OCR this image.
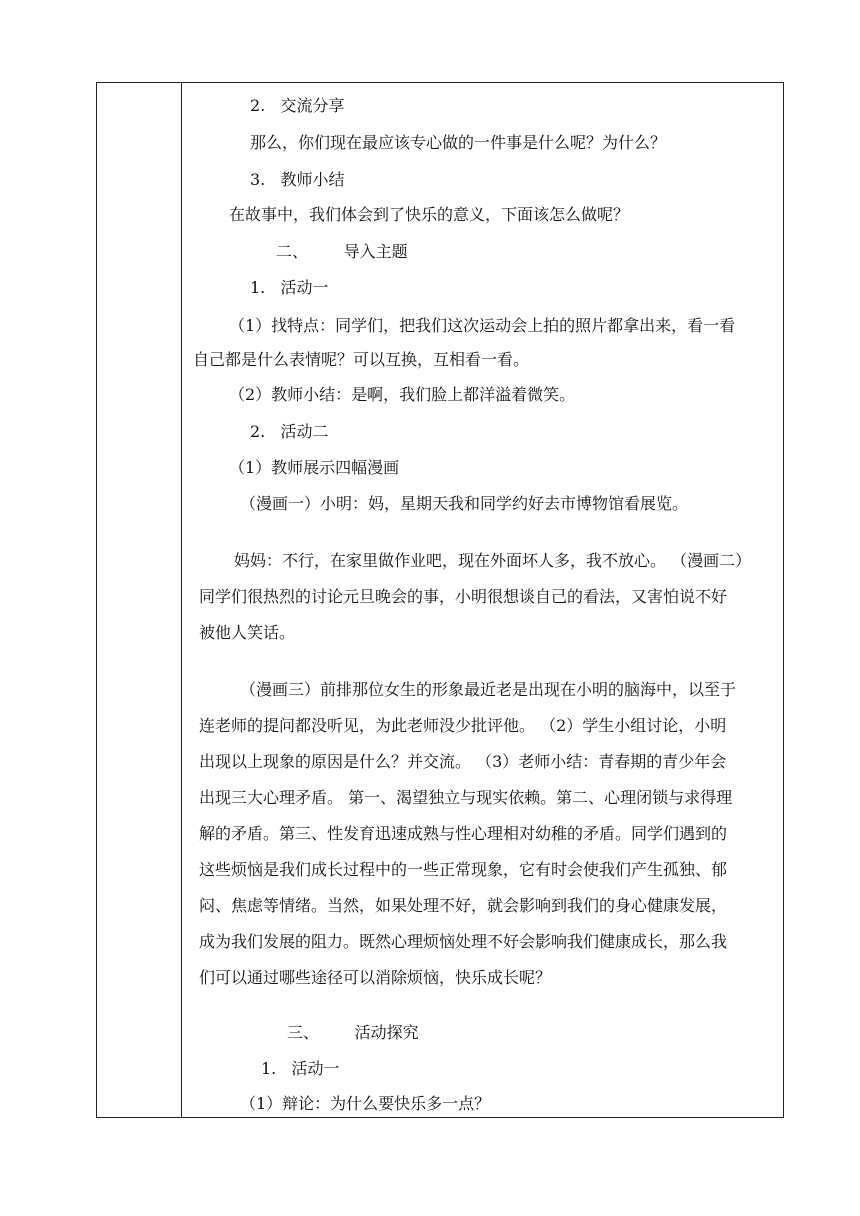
2.   交流分享
那么，你们现在最应该专心做的一件事是什么呢？为什么？
3.   教师小结
在故事中，我们体会到了快乐的意义，下面该怎么做呢？
二、       导入主题
1.   活动一
（1）找特点：同学们，把我们这次运动会上拍的照片都拿出来，看一看
自己都是什么表情呢？可以互换，互相看一看。
（2）教师小结：是啊，我们脸上都洋溢着微笑。
2.   活动二
（1）教师展示四幅漫画
（漫画一）小明：妈，星期天我和同学约好去市博物馆看展览。
妈妈：不行，在家里做作业吧，现在外面坏人多，我不放心。 （漫画二）
同学们很热烈的讨论元旦晚会的事，小明很想谈自己的看法，又害怕说不好
被他人笑话。
（漫画三）前排那位女生的形象最近老是出现在小明的脑海中，以至于
连老师的提问都没听见，为此老师没少批评他。 （2）学生小组讨论，小明
出现以上现象的原因是什么？并交流。 （3）老师小结：青春期的青少年会
出现三大心理矛盾。 第一、渴望独立与现实依赖。第二、心理闭锁与求得理
解的矛盾。第三、性发育迅速成熟与性心理相对幼稚的矛盾。同学们遇到的
这些烦恼是我们成长过程中的一些正常现象，它有时会使我们产生孤独、郁
闷、焦虑等情绪。当然，如果处理不好，就会影响到我们的身心健康发展，
成为我们发展的阻力。既然心理烦恼处理不好会影响我们健康成长，那么我
们可以通过哪些途径可以消除烦恼，快乐成长呢？
三、       活动探究
1.   活动一
（1）辩论：为什么要快乐多一点？
